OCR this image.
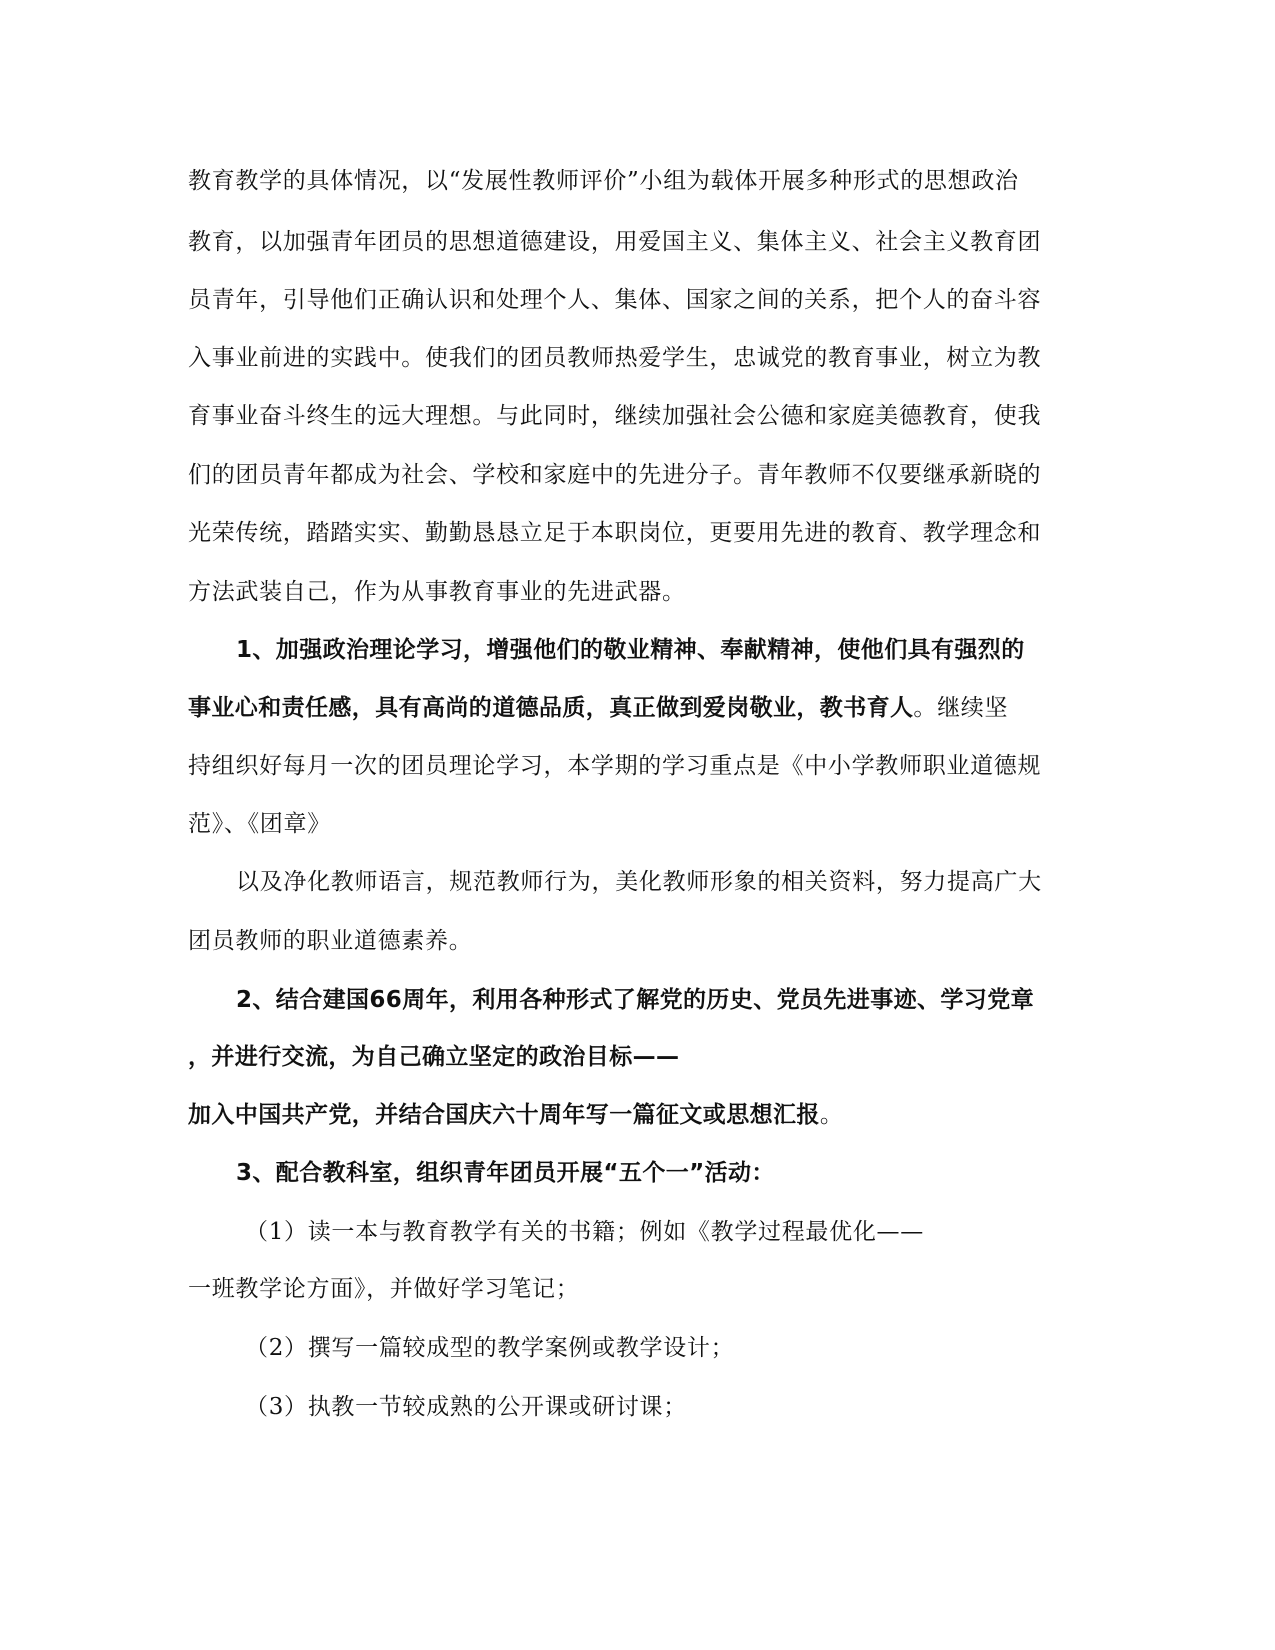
教育教学的具体情况，以“发展性教师评价”小组为载体开展多种形式的思想政治
教育，以加强青年团员的思想道德建设，用爱国主义、集体主义、社会主义教育团
员青年，引导他们正确认识和处理个人、集体、国家之间的关系，把个人的奋斗容
入事业前进的实践中。使我们的团员教师热爱学生，忠诚党的教育事业，树立为教
育事业奋斗终生的远大理想。与此同时，继续加强社会公德和家庭美德教育，使我
们的团员青年都成为社会、学校和家庭中的先进分子。青年教师不仅要继承新晓的
光荣传统，踏踏实实、勤勤恳恳立足于本职岗位，更要用先进的教育、教学理念和
方法武装自己，作为从事教育事业的先进武器。
1、加强政治理论学习，增强他们的敬业精神、奉献精神，使他们具有强烈的
事业心和责任感，具有高尚的道德品质，真正做到爱岗敬业，教书育人。继续坚
持组织好每月一次的团员理论学习，本学期的学习重点是《中小学教师职业道德规
范》、《团章》
以及净化教师语言，规范教师行为，美化教师形象的相关资料，努力提高广大
团员教师的职业道德素养。
2、结合建国66周年，利用各种形式了解党的历史、党员先进事迹、学习党章
，并进行交流，为自己确立坚定的政治目标——
加入中国共产党，并结合国庆六十周年写一篇征文或思想汇报。
3、配合教科室，组织青年团员开展“五个一”活动：
（1）读一本与教育教学有关的书籍；例如《教学过程最优化——
一班教学论方面》，并做好学习笔记；
（2）撰写一篇较成型的教学案例或教学设计；
（3）执教一节较成熟的公开课或研讨课；
